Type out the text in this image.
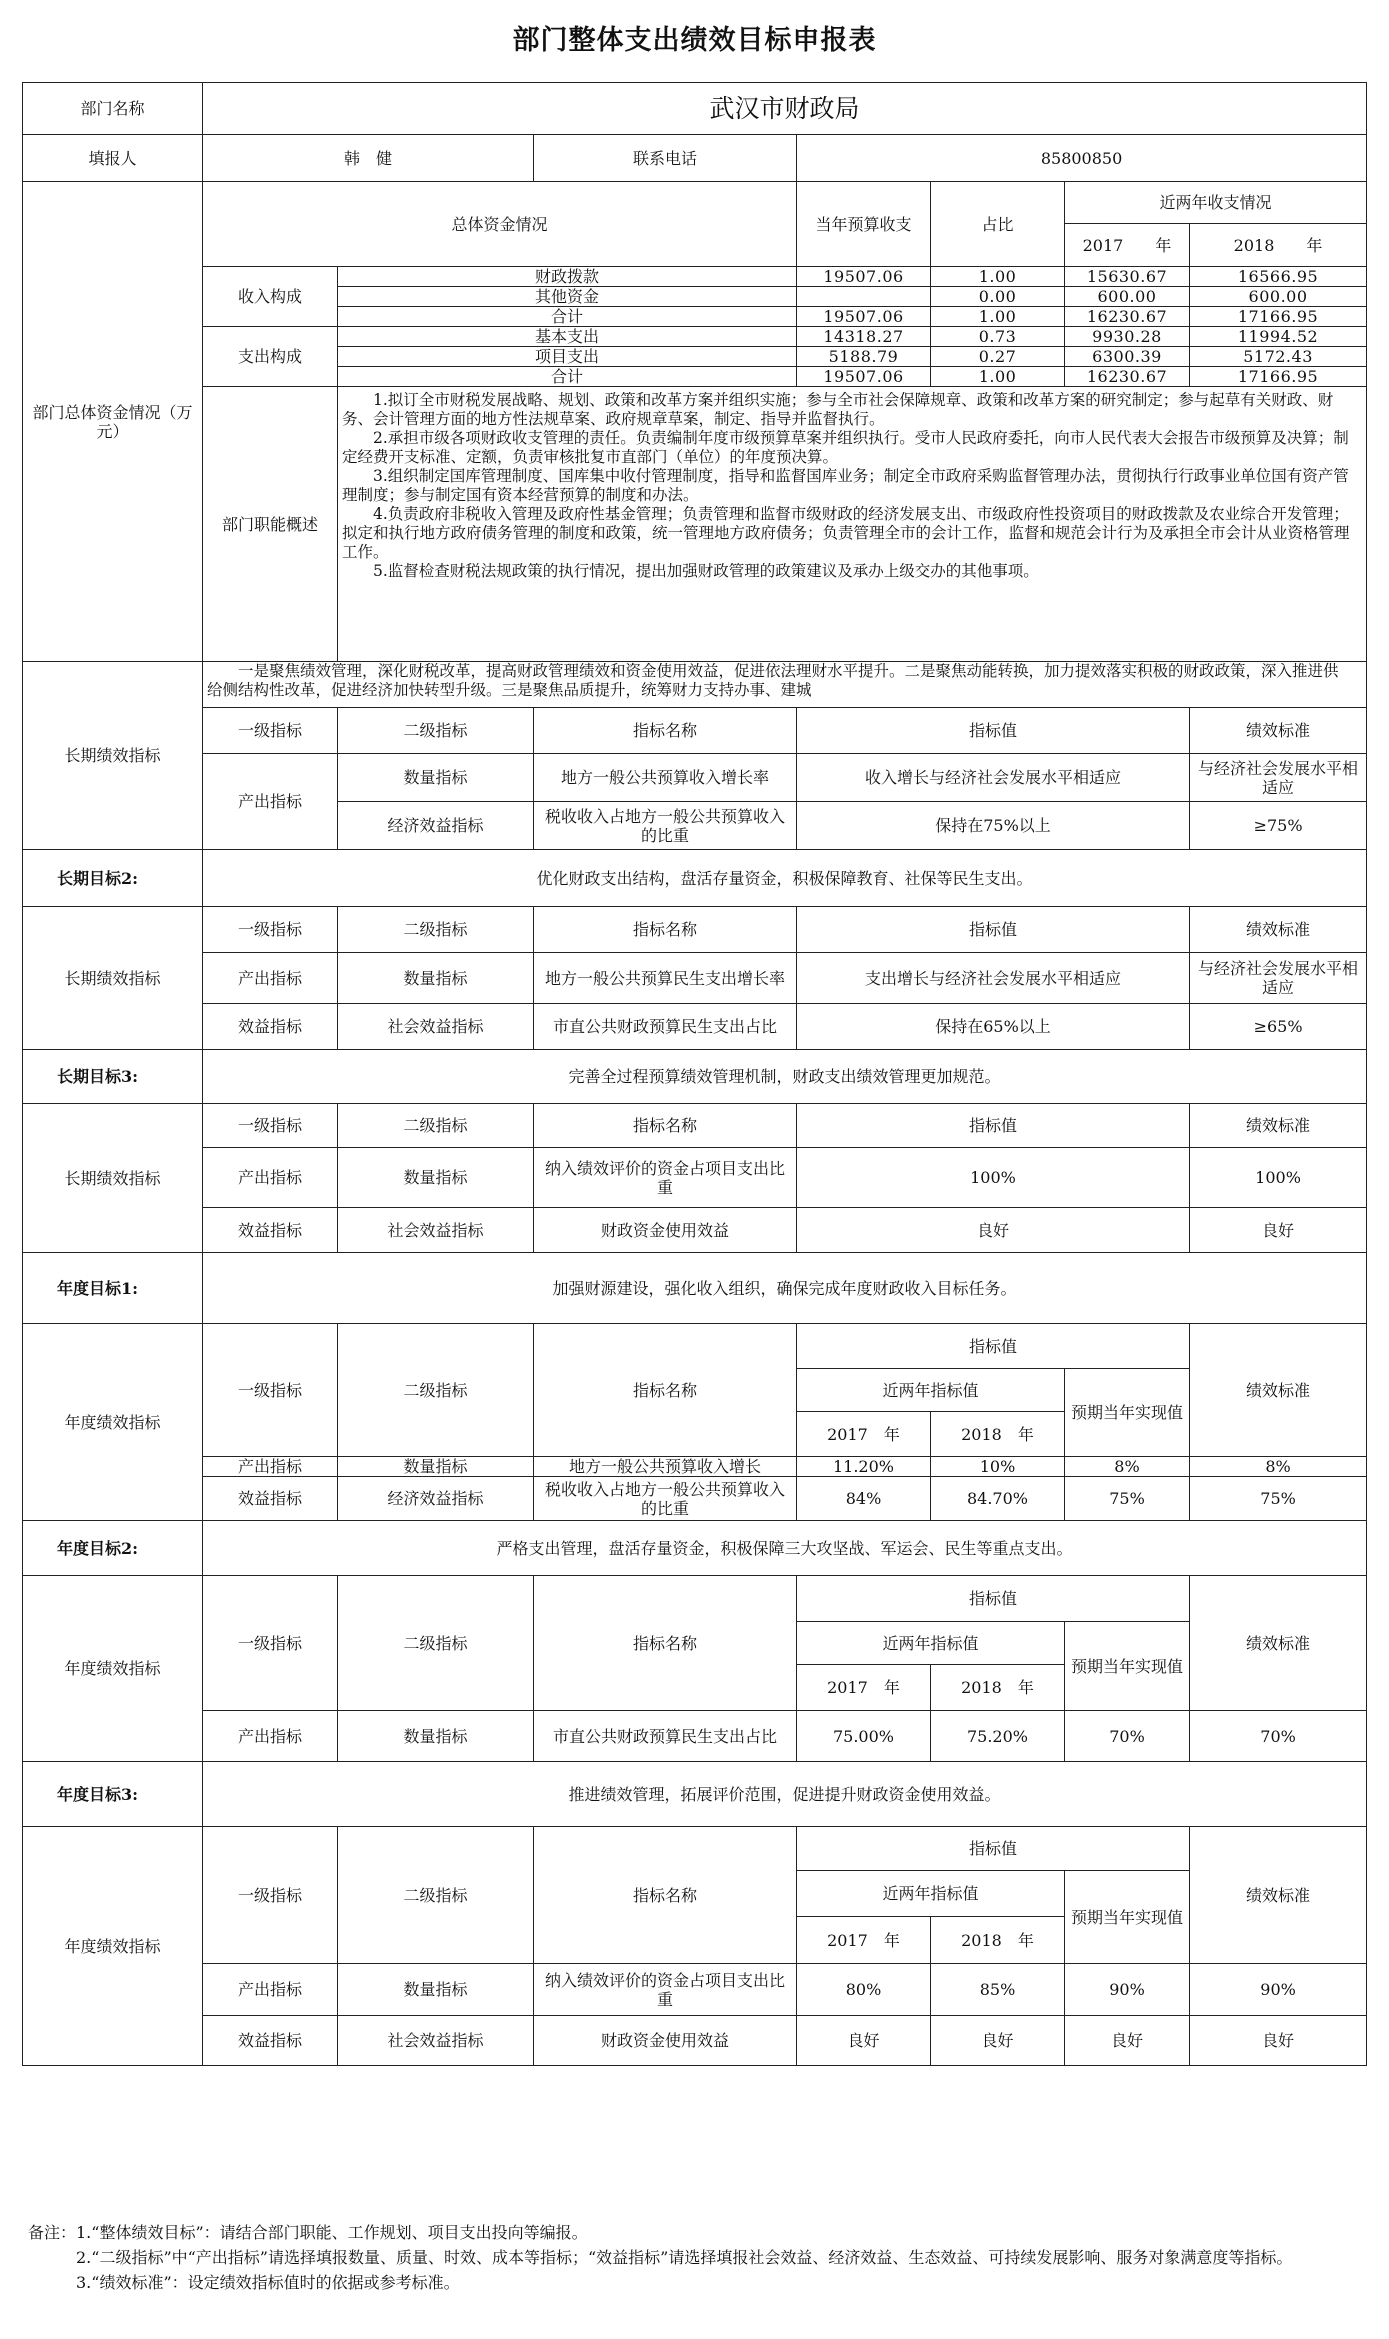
部门整体支出绩效目标申报表
部门名称	武汉市财政局						
填报人	韩　健		联系电话	85800850			
部门总体资金情况（万元）	总体资金情况			当年预算收支	占比	近两年收支情况	
						2017　　年	2018　　年
	收入构成	财政拨款		19507.06	1.00	15630.67	16566.95
		其他资金			0.00	600.00	600.00
		合计		19507.06	1.00	16230.67	17166.95
	支出构成	基本支出		14318.27	0.73	9930.28	11994.52
		项目支出		5188.79	0.27	6300.39	5172.43
		合计		19507.06	1.00	16230.67	17166.95
	部门职能概述	1.拟订全市财税发展战略、规划、政策和改革方案并组织实施；参与全市社会保障规章、政策和改革方案的研究制定；参与起草有关财政、财务、会计管理方面的地方性法规草案、政府规章草案，制定、指导并监督执行。

2.承担市级各项财政收支管理的责任。负责编制年度市级预算草案并组织执行。受市人民政府委托，向市人民代表大会报告市级预算及决算；制定经费开支标准、定额，负责审核批复市直部门（单位）的年度预决算。

3.组织制定国库管理制度、国库集中收付管理制度，指导和监督国库业务；制定全市政府采购监督管理办法，贯彻执行行政事业单位国有资产管理制度；参与制定国有资本经营预算的制度和办法。

4.负责政府非税收入管理及政府性基金管理；负责管理和监督市级财政的经济发展支出、市级政府性投资项目的财政拨款及农业综合开发管理；拟定和执行地方政府债务管理的制度和政策，统一管理地方政府债务；负责管理全市的会计工作，监督和规范会计行为及承担全市会计从业资格管理工作。

5.监督检查财税法规政策的执行情况，提出加强财政管理的政策建议及承办上级交办的其他事项。					

长期绩效指标	一是聚焦绩效管理，深化财税改革，提高财政管理绩效和资金使用效益，促进依法理财水平提升。二是聚焦动能转换，加力提效落实积极的财政政策，深入推进供给侧结构性改革，促进经济加快转型升级。三是聚焦品质提升，统筹财力支持办事、建城						

	一级指标	二级指标	指标名称	指标值			绩效标准
	产出指标	数量指标	地方一般公共预算收入增长率	收入增长与经济社会发展水平相适应			与经济社会发展水平相适应
		经济效益指标	税收收入占地方一般公共预算收入的比重	保持在75%以上			≥75%
长期目标2:	优化财政支出结构，盘活存量资金，积极保障教育、社保等民生支出。						
长期绩效指标	一级指标	二级指标	指标名称	指标值			绩效标准
	产出指标	数量指标	地方一般公共预算民生支出增长率	支出增长与经济社会发展水平相适应			与经济社会发展水平相适应
	效益指标	社会效益指标	市直公共财政预算民生支出占比	保持在65%以上			≥65%
长期目标3:	完善全过程预算绩效管理机制，财政支出绩效管理更加规范。						
长期绩效指标	一级指标	二级指标	指标名称	指标值			绩效标准
	产出指标	数量指标	纳入绩效评价的资金占项目支出比重	100%			100%
	效益指标	社会效益指标	财政资金使用效益	良好			良好
年度目标1:	加强财源建设，强化收入组织，确保完成年度财政收入目标任务。						
年度绩效指标	一级指标	二级指标	指标名称	指标值			绩效标准
				近两年指标值		预期当年实现值	
				2017　年	2018　年		
	产出指标	数量指标	地方一般公共预算收入增长	11.20%	10%	8%	8%
	效益指标	经济效益指标	税收收入占地方一般公共预算收入的比重	84%	84.70%	75%	75%
年度目标2:	严格支出管理，盘活存量资金，积极保障三大攻坚战、军运会、民生等重点支出。						
年度绩效指标	一级指标	二级指标	指标名称	指标值			绩效标准
				近两年指标值		预期当年实现值	
				2017　年	2018　年		
	产出指标	数量指标	市直公共财政预算民生支出占比	75.00%	75.20%	70%	70%
年度目标3:	推进绩效管理，拓展评价范围，促进提升财政资金使用效益。						
年度绩效指标	一级指标	二级指标	指标名称	指标值			绩效标准
				近两年指标值		预期当年实现值	
				2017　年	2018　年		
	产出指标	数量指标	纳入绩效评价的资金占项目支出比重	80%	85%	90%	90%
	效益指标	社会效益指标	财政资金使用效益	良好	良好	良好	良好
备注：1.“整体绩效目标”：请结合部门职能、工作规划、项目支出投向等编报。
　　　2.“二级指标”中“产出指标”请选择填报数量、质量、时效、成本等指标；“效益指标”请选择填报社会效益、经济效益、生态效益、可持续发展影响、服务对象满意度等指标。
　　　3.“绩效标准”：设定绩效指标值时的依据或参考标准。
